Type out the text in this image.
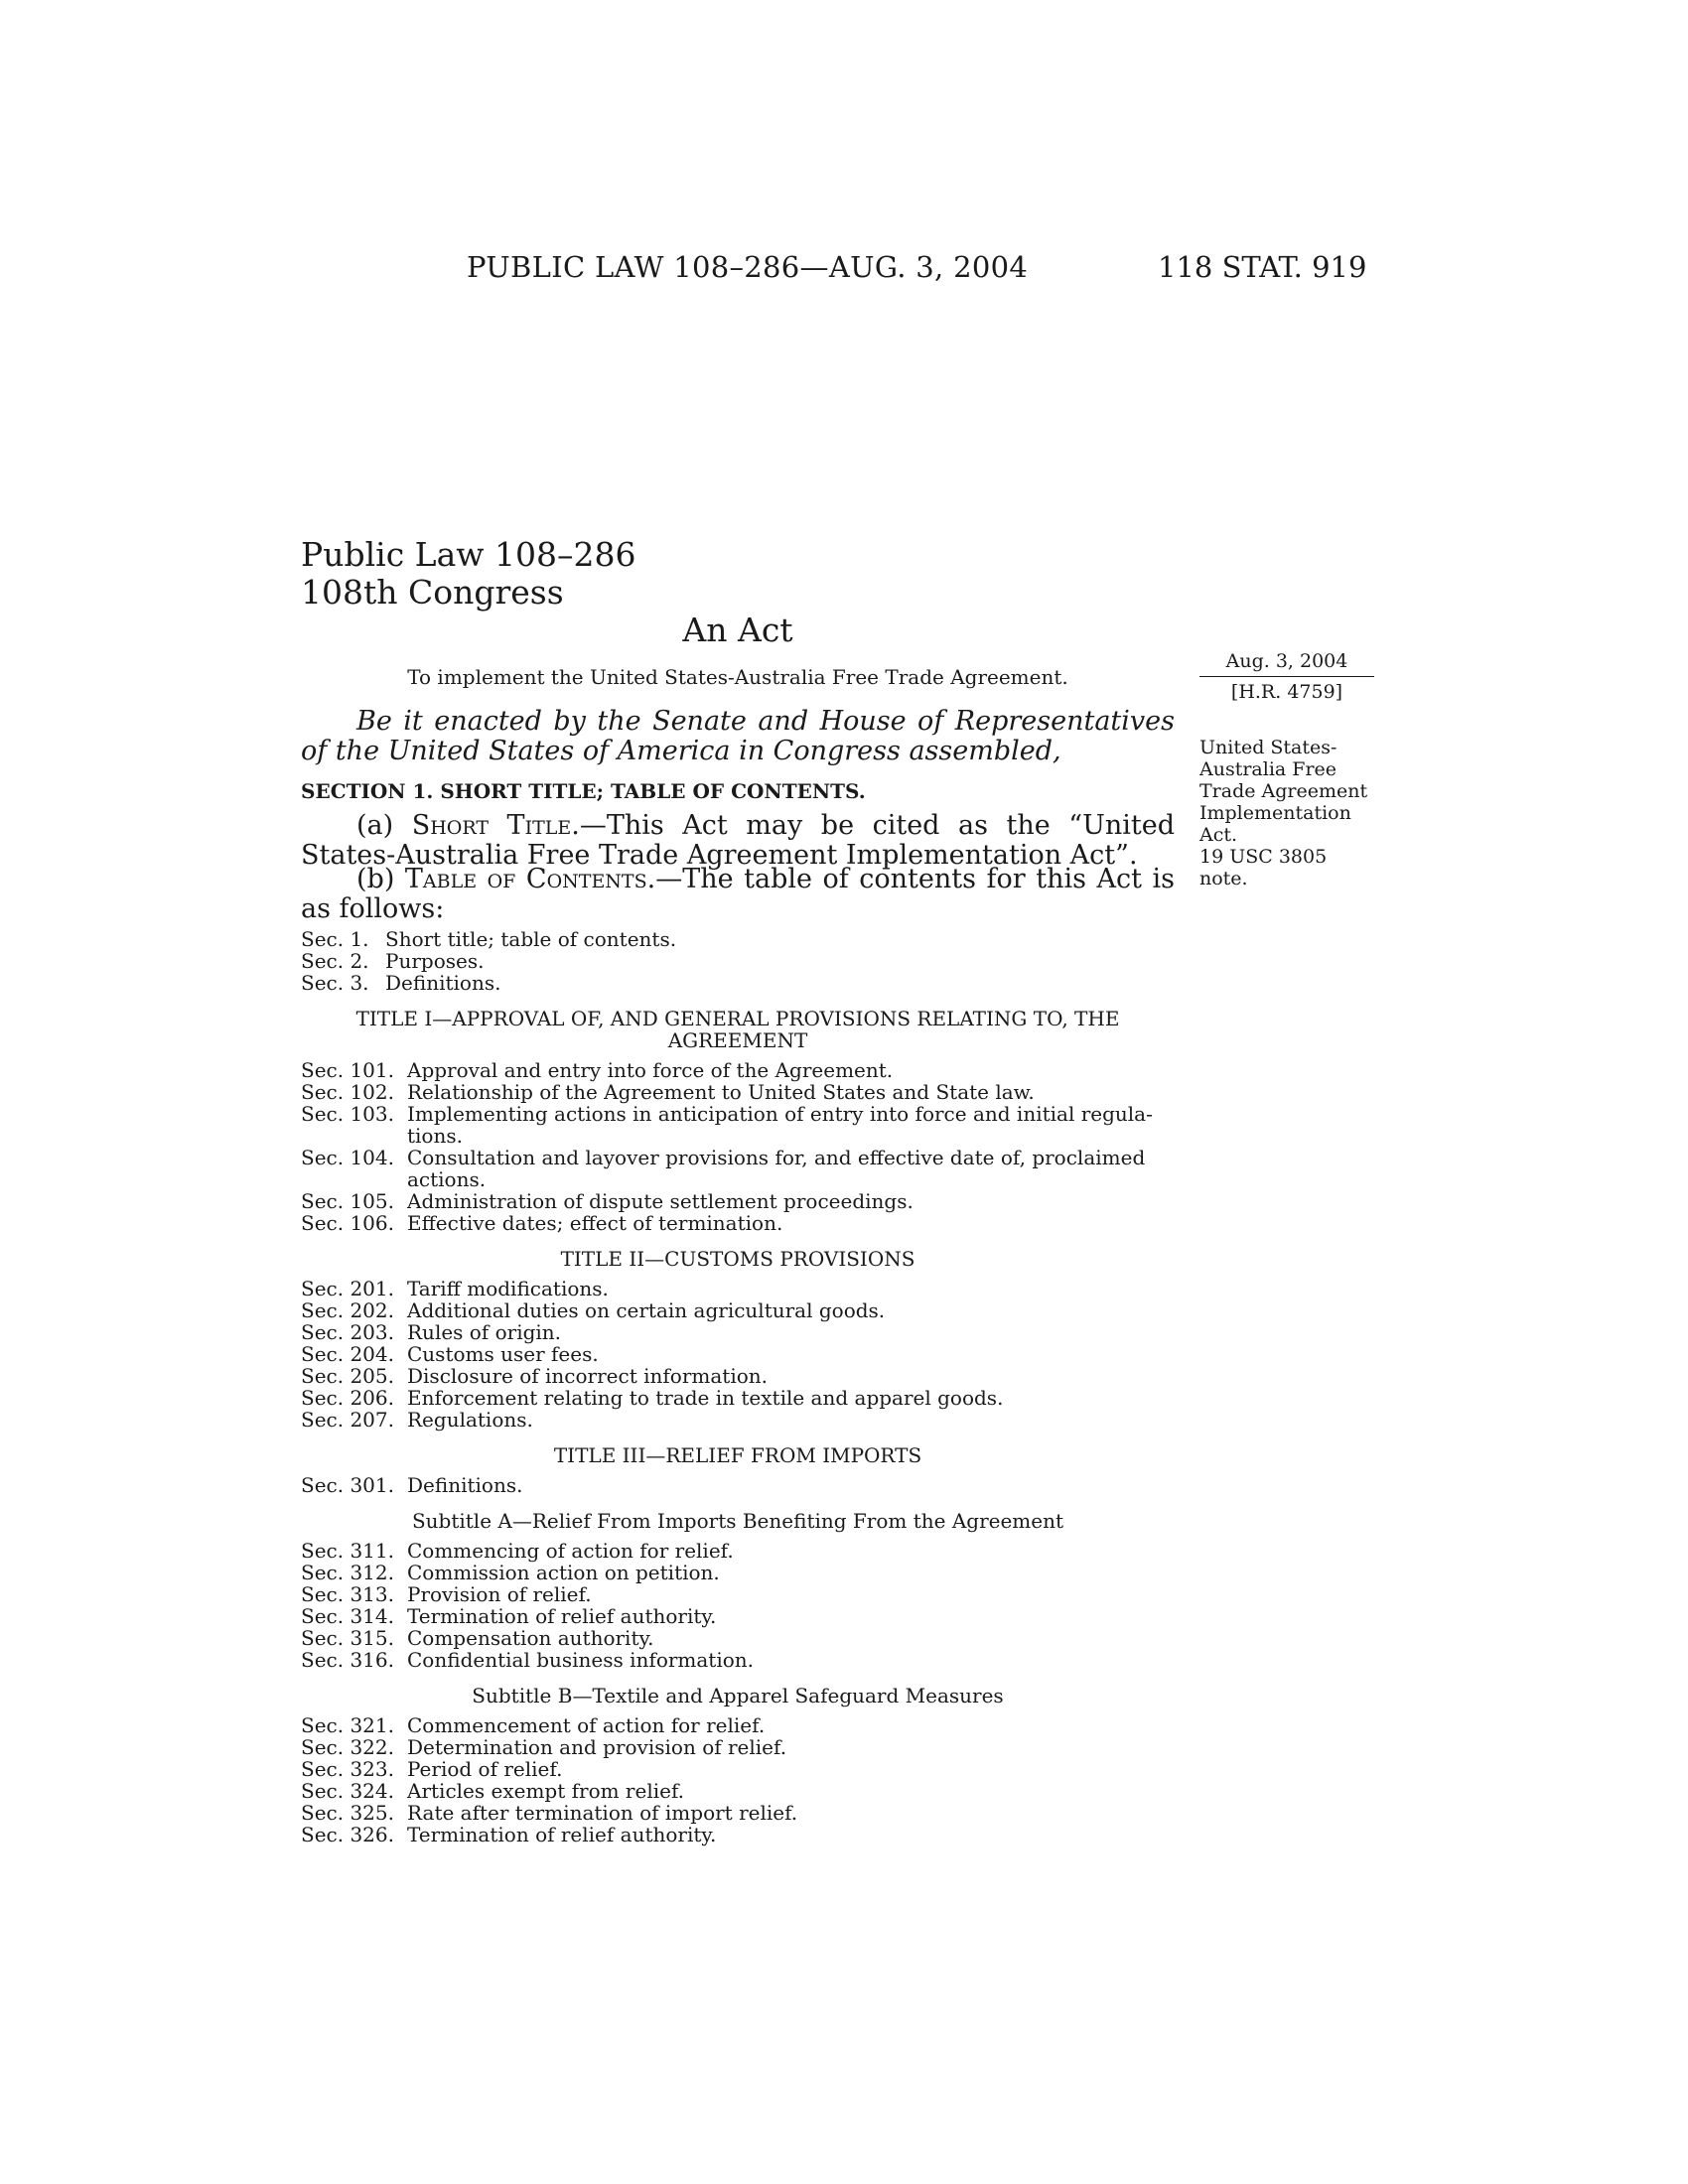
PUBLIC LAW 108–286—AUG. 3, 2004	118 STAT. 919
Public Law 108–286
108th Congress
An Act
To implement the United States-Australia Free Trade Agreement.
Aug. 3, 2004
[H.R. 4759]
Be it enacted by the Senate and House of Representatives of the United States of America in Congress assembled,	United States-
Australia Free
Trade Agreement
Implementation
Act.
19 USC 3805
note.
SECTION 1. SHORT TITLE; TABLE OF CONTENTS.
(a) Short Title.—This Act may be cited as the “United States-Australia Free Trade Agreement Implementation Act”.
(b) Table of Contents.—The table of contents for this Act is as follows:
Sec. 1. Short title; table of contents.
Sec. 2. Purposes.
Sec. 3. Definitions.
TITLE I—APPROVAL OF, AND GENERAL PROVISIONS RELATING TO, THE AGREEMENT
Sec. 101. Approval and entry into force of the Agreement.
Sec. 102. Relationship of the Agreement to United States and State law.
Sec. 103. Implementing actions in anticipation of entry into force and initial regula-tions.
Sec. 104. Consultation and layover provisions for, and effective date of, proclaimed actions.
Sec. 105. Administration of dispute settlement proceedings.
Sec. 106. Effective dates; effect of termination.
TITLE II—CUSTOMS PROVISIONS
Sec. 201. Tariff modifications.
Sec. 202. Additional duties on certain agricultural goods.
Sec. 203. Rules of origin.
Sec. 204. Customs user fees.
Sec. 205. Disclosure of incorrect information.
Sec. 206. Enforcement relating to trade in textile and apparel goods.
Sec. 207. Regulations.
TITLE III—RELIEF FROM IMPORTS
Sec. 301. Definitions.
Subtitle A—Relief From Imports Benefiting From the Agreement
Sec. 311. Commencing of action for relief.
Sec. 312. Commission action on petition.
Sec. 313. Provision of relief.
Sec. 314. Termination of relief authority.
Sec. 315. Compensation authority.
Sec. 316. Confidential business information.
Subtitle B—Textile and Apparel Safeguard Measures
Sec. 321. Commencement of action for relief.
Sec. 322. Determination and provision of relief.
Sec. 323. Period of relief.
Sec. 324. Articles exempt from relief.
Sec. 325. Rate after termination of import relief.
Sec. 326. Termination of relief authority.
